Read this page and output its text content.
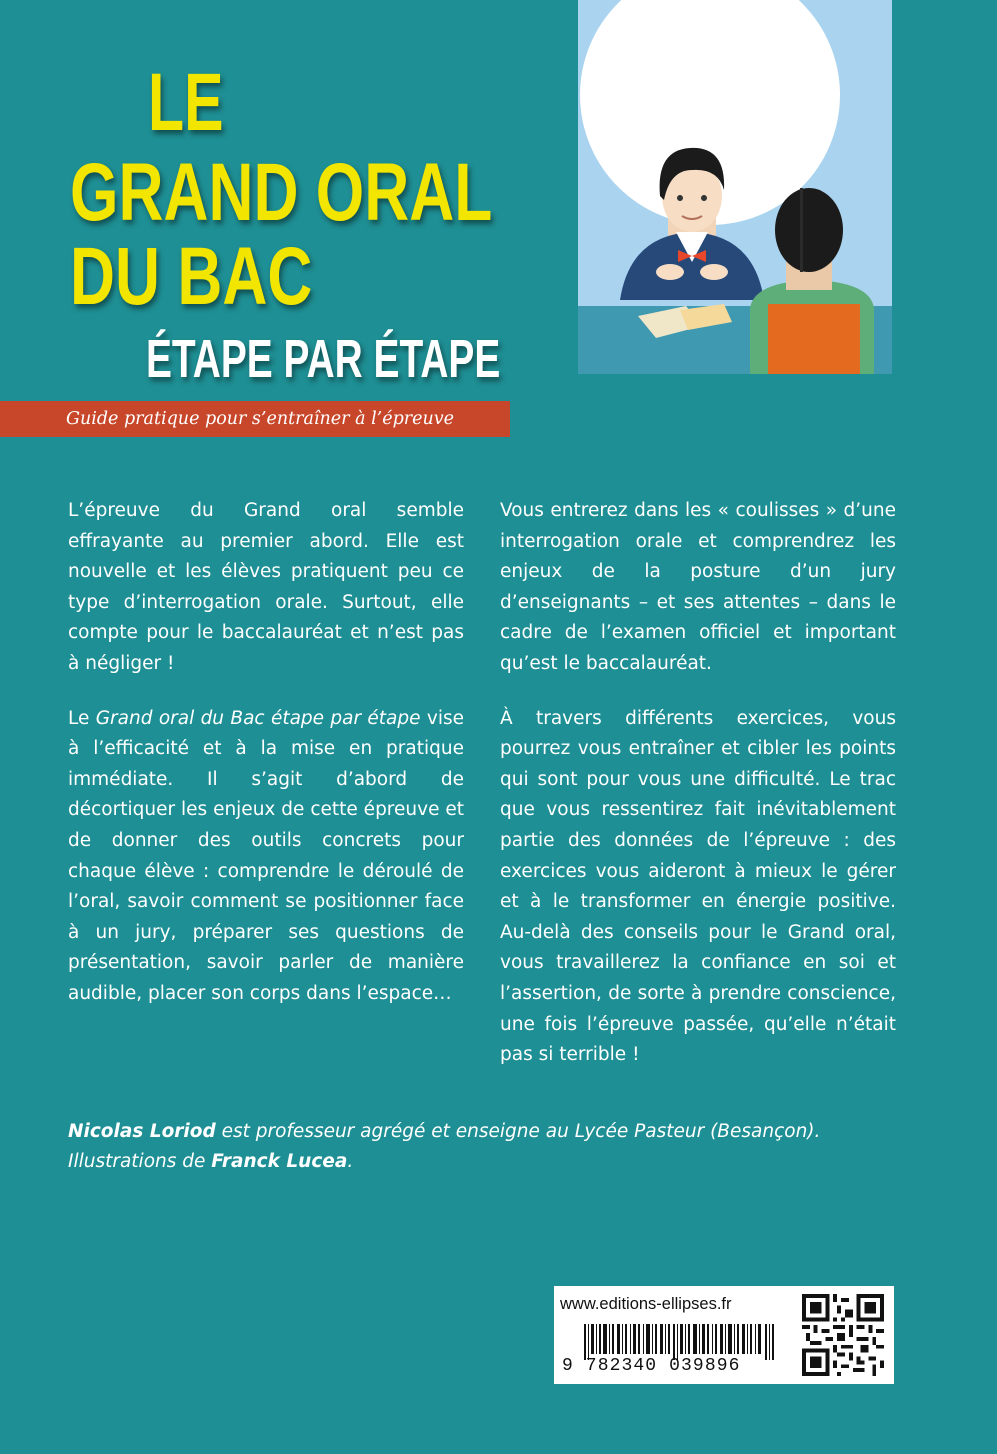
LE
GRAND ORAL
DU BAC
ÉTAPE PAR ÉTAPE
Guide pratique pour s’entraîner à l’épreuve

L’épreuve du Grand oral semble effrayante au premier abord. Elle est nouvelle et les élèves pratiquent peu ce type d’interrogation orale. Surtout, elle compte pour le baccalauréat et n’est pas à négliger !

Le Grand oral du Bac étape par étape vise à l’efficacité et à la mise en pratique immédiate. Il s’agit d’abord de décortiquer les enjeux de cette épreuve et de donner des outils concrets pour chaque élève : comprendre le déroulé de l’oral, savoir comment se positionner face à un jury, préparer ses questions de présentation, savoir parler de manière audible, placer son corps dans l’espace…

Vous entrerez dans les « coulisses » d’une interrogation orale et comprendrez les enjeux de la posture d’un jury d’enseignants – et ses attentes – dans le cadre de l’examen officiel et important qu’est le baccalauréat.

À travers différents exercices, vous pourrez vous entraîner et cibler les points qui sont pour vous une difficulté. Le trac que vous ressentirez fait inévitablement partie des données de l’épreuve : des exercices vous aideront à mieux le gérer et à le transformer en énergie positive. Au-delà des conseils pour le Grand oral, vous travaillerez la confiance en soi et l’assertion, de sorte à prendre conscience, une fois l’épreuve passée, qu’elle n’était pas si terrible !

Nicolas Loriod est professeur agrégé et enseigne au Lycée Pasteur (Besançon).
Illustrations de Franck Lucea.
www.editions-ellipses.fr
9 782340 039896
